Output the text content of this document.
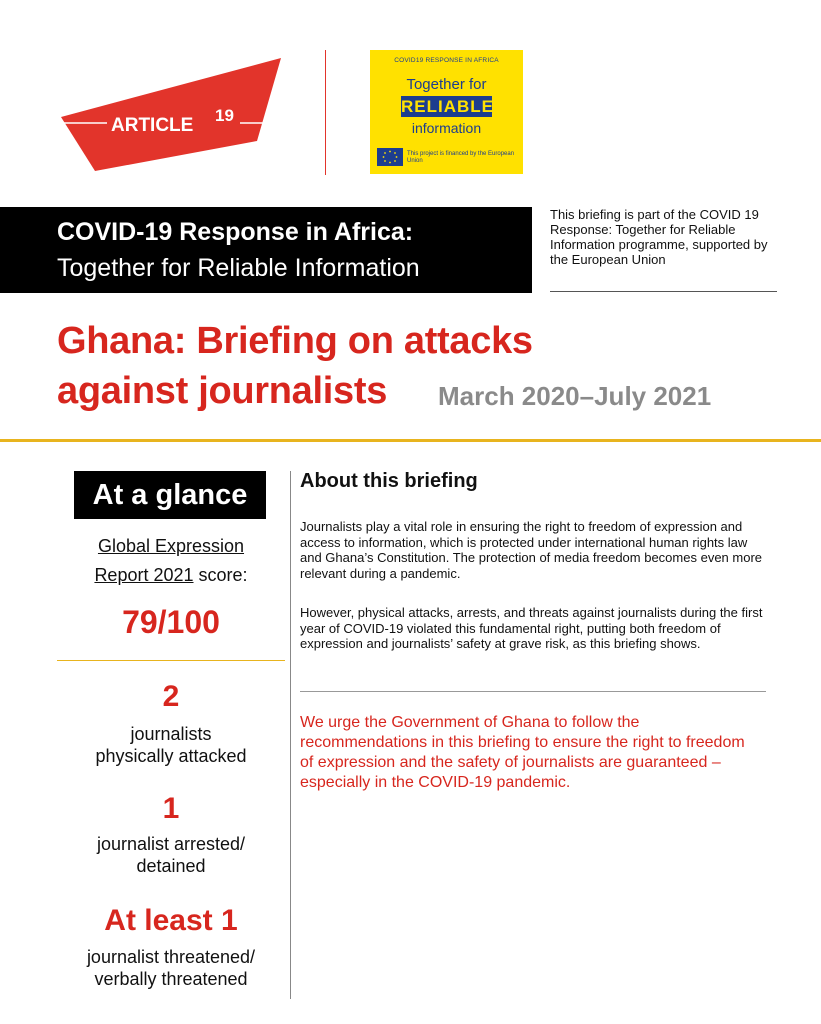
ARTICLE 19
COVID19 RESPONSE IN AFRICA
Together for
RELIABLE
information
This project is financed by the European Union
COVID-19 Response in Africa:
Together for Reliable Information
This briefing is part of the COVID 19 Response: Together for Reliable Information programme, supported by the European Union
Ghana: Briefing on attacks
against journalists March 2020–July 2021
At a glance
Global Expression
Report 2021 score:
79/100
2
journalists
physically attacked
1
journalist arrested/
detained
At least 1
journalist threatened/
verbally threatened
About this briefing
Journalists play a vital role in ensuring the right to freedom of expression and access to information, which is protected under international human rights law and Ghana’s Constitution. The protection of media freedom becomes even more relevant during a pandemic.
However, physical attacks, arrests, and threats against journalists during the first year of COVID-19 violated this fundamental right, putting both freedom of expression and journalists’ safety at grave risk, as this briefing shows.
We urge the Government of Ghana to follow the recommendations in this briefing to ensure the right to freedom of expression and the safety of journalists are guaranteed – especially in the COVID-19 pandemic.
